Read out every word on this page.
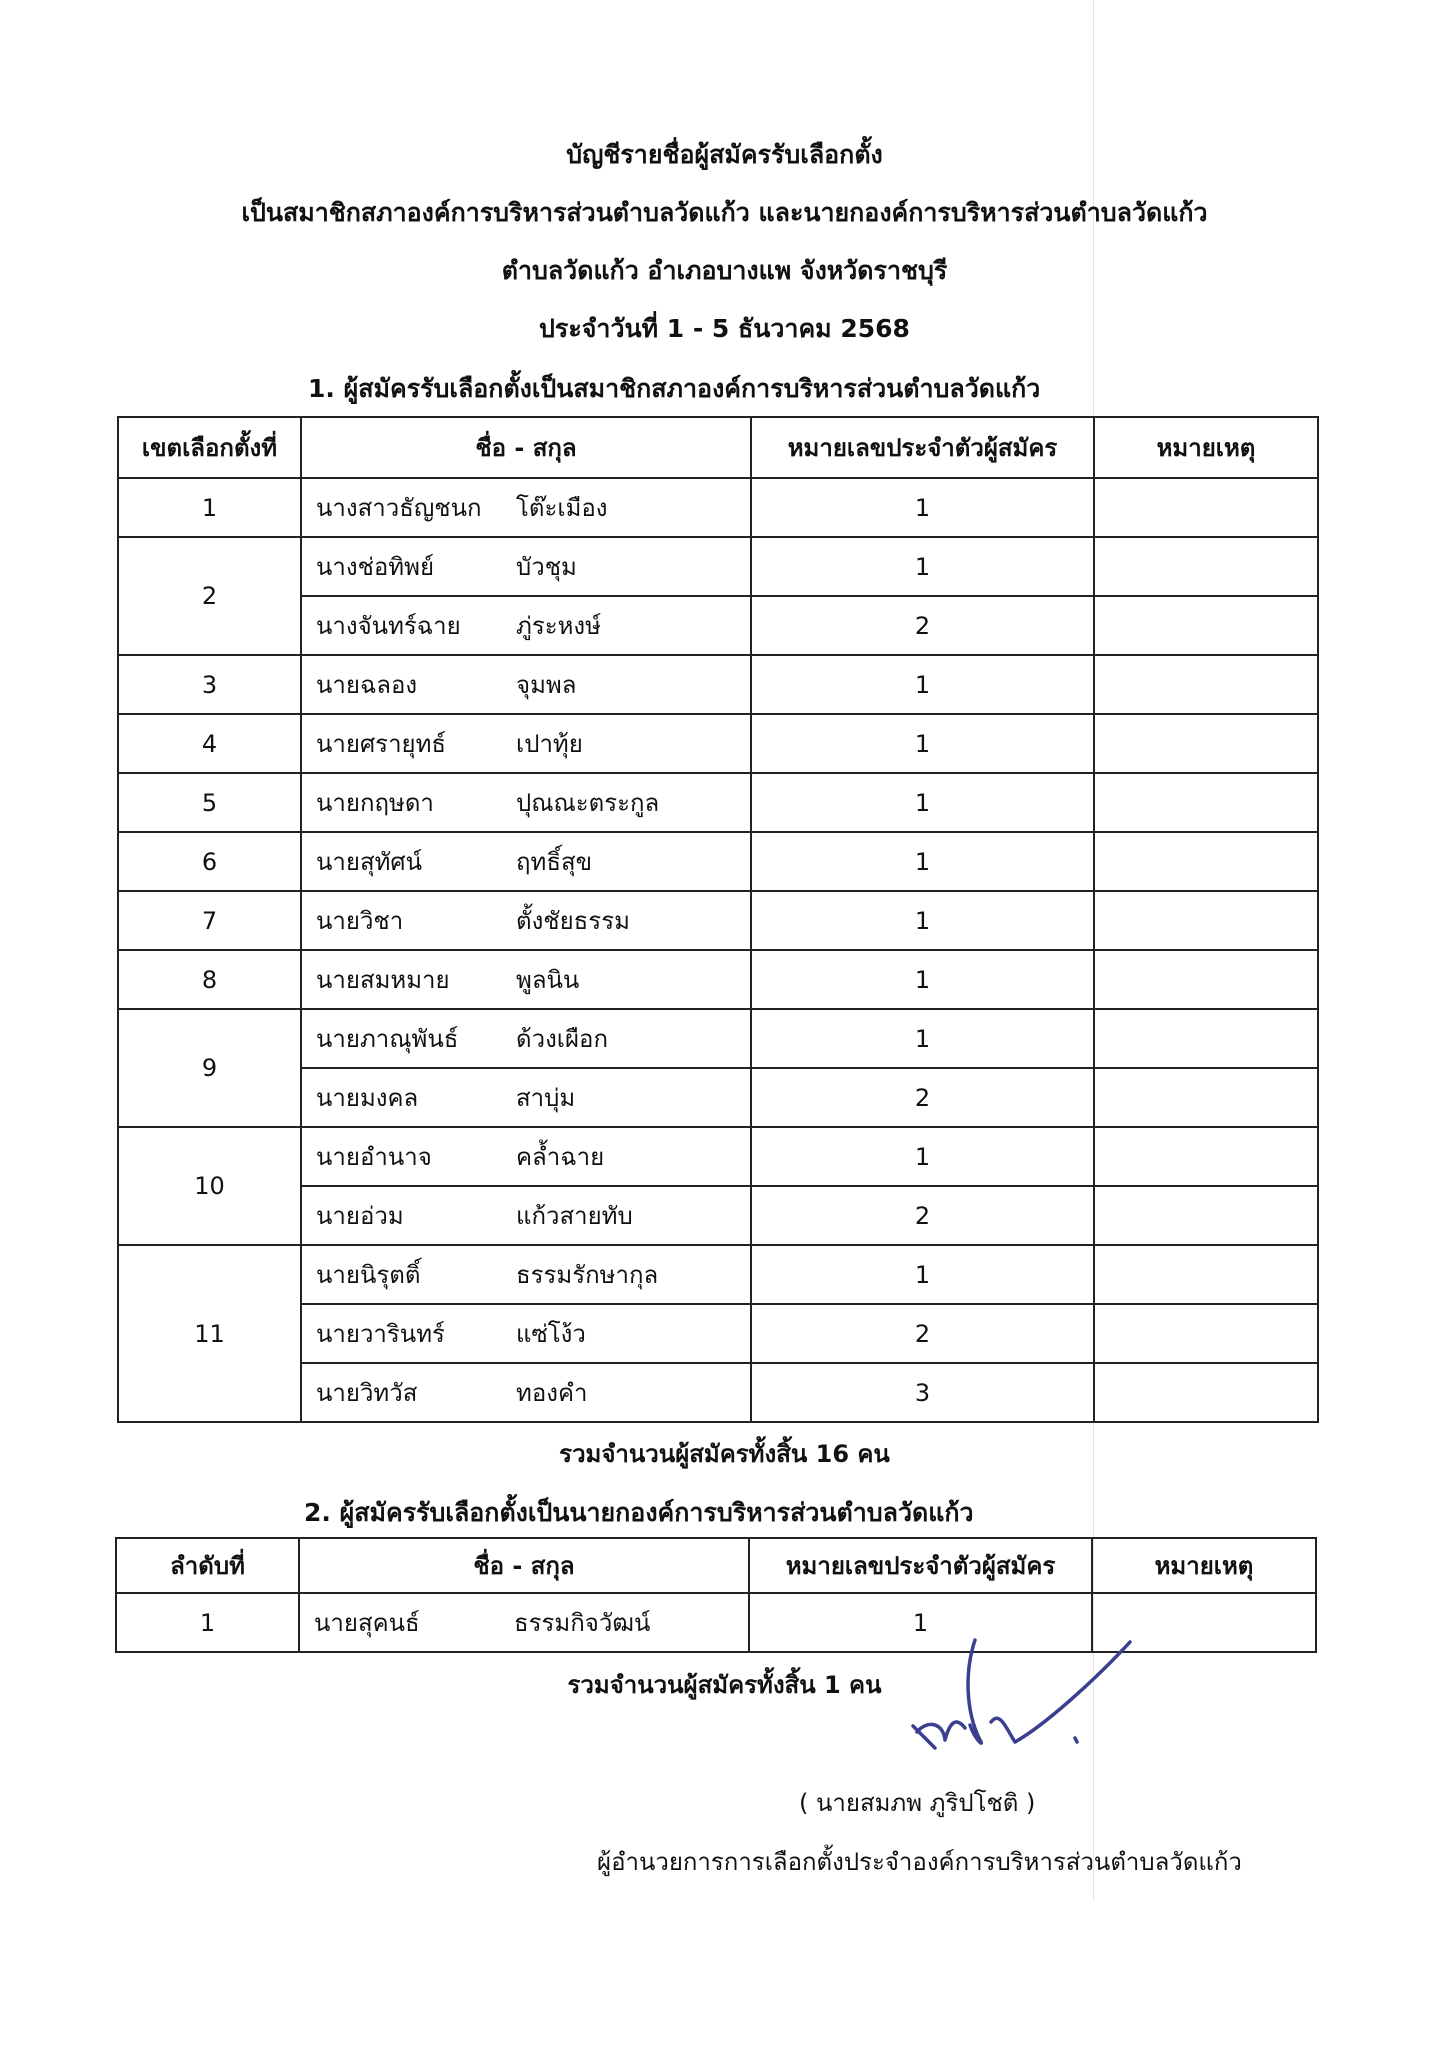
บัญชีรายชื่อผู้สมัครรับเลือกตั้ง
เป็นสมาชิกสภาองค์การบริหารส่วนตำบลวัดแก้ว และนายกองค์การบริหารส่วนตำบลวัดแก้ว
ตำบลวัดแก้ว อำเภอบางแพ จังหวัดราชบุรี
ประจำวันที่ 1 - 5 ธันวาคม 2568
1. ผู้สมัครรับเลือกตั้งเป็นสมาชิกสภาองค์การบริหารส่วนตำบลวัดแก้ว
เขตเลือกตั้งที่	ชื่อ - สกุล	หมายเลขประจำตัวผู้สมัคร	หมายเหตุ
1	นางสาวธัญชนก โต๊ะเมือง	1	
2	นางช่อทิพย์ บัวชุม	1	
	นางจันทร์ฉาย ภู่ระหงษ์	2	
3	นายฉลอง จุมพล	1	
4	นายศรายุทธ์ เปาทุ้ย	1	
5	นายกฤษดา ปุณณะตระกูล	1	
6	นายสุทัศน์ ฤทธิ์สุข	1	
7	นายวิชา ตั้งชัยธรรม	1	
8	นายสมหมาย พูลนิน	1	
9	นายภาณุพันธ์ ด้วงเผือก	1	
	นายมงคล สาบุ่ม	2	
10	นายอำนาจ คล้ำฉาย	1	
	นายอ่วม แก้วสายทับ	2	
11	นายนิรุตติ์ ธรรมรักษากุล	1	
	นายวารินทร์ แซ่โง้ว	2	
	นายวิทวัส ทองคำ	3	
รวมจำนวนผู้สมัครทั้งสิ้น 16 คน
2. ผู้สมัครรับเลือกตั้งเป็นนายกองค์การบริหารส่วนตำบลวัดแก้ว
ลำดับที่	ชื่อ - สกุล	หมายเลขประจำตัวผู้สมัคร	หมายเหตุ
1	นายสุคนธ์ ธรรมกิจวัฒน์	1	
รวมจำนวนผู้สมัครทั้งสิ้น 1 คน
( นายสมภพ ภูริปโชติ )
ผู้อำนวยการการเลือกตั้งประจำองค์การบริหารส่วนตำบลวัดแก้ว
